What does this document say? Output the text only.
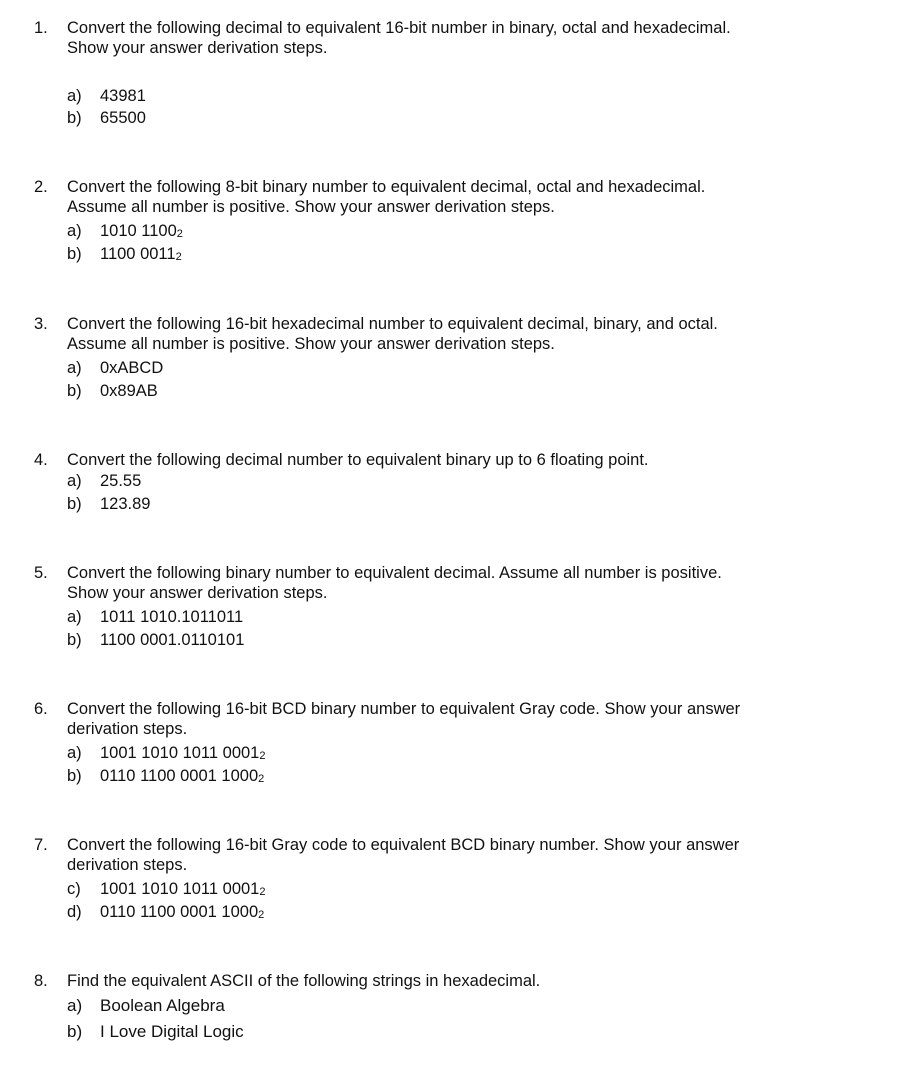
1. Convert the following decimal to equivalent 16-bit number in binary, octal and hexadecimal.
Show your answer derivation steps.
a) 43981
b) 65500
2. Convert the following 8-bit binary number to equivalent decimal, octal and hexadecimal.
Assume all number is positive. Show your answer derivation steps.
a) 1010 $1100_2$
b) 1100 $0011_2$
3. Convert the following 16-bit hexadecimal number to equivalent decimal, binary, and octal.
Assume all number is positive. Show your answer derivation steps.
a) 0xABCD
b) 0x89AB
4. Convert the following decimal number to equivalent binary up to 6 floating point.
a) 25.55
b) 123.89
5. Convert the following binary number to equivalent decimal. Assume all number is positive.
Show your answer derivation steps.
a) 1011 1010.1011011
b) 1100 0001.0110101
6. Convert the following 16-bit BCD binary number to equivalent Gray code. Show your answer
derivation steps.
a) 1001 1010 1011 $0001_2$
b) 0110 1100 0001 $1000_2$
7. Convert the following 16-bit Gray code to equivalent BCD binary number. Show your answer
derivation steps.
c) 1001 1010 1011 $0001_2$
d) 0110 1100 0001 $1000_2$
8. Find the equivalent ASCII of the following strings in hexadecimal.
a) Boolean Algebra
b) I Love Digital Logic
